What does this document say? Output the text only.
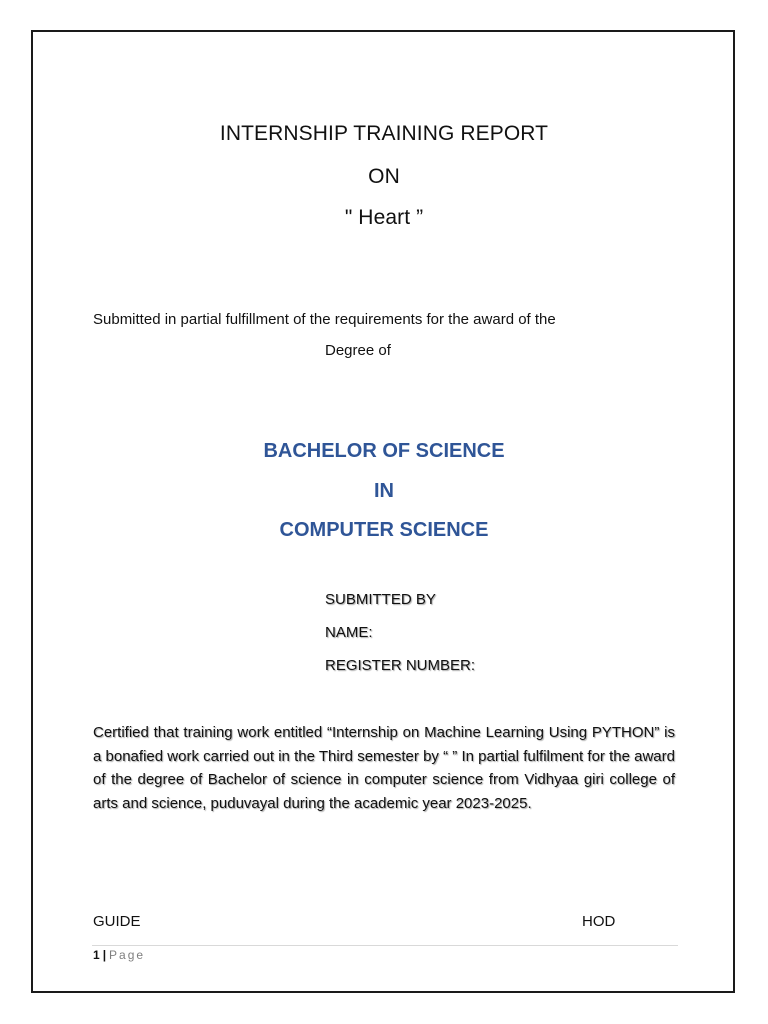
INTERNSHIP TRAINING REPORT
ON
" Heart ”
Submitted in partial fulfillment of the requirements for the award of the
Degree of
BACHELOR OF SCIENCE
IN
COMPUTER SCIENCE
SUBMITTED BY
NAME:
REGISTER NUMBER:
Certified that training work entitled “Internship on Machine Learning Using PYTHON” is a bonafied work carried out in the Third semester by “ ” In partial fulfilment for the award of the degree of Bachelor of science in computer science from Vidhyaa giri college of arts and science, puduvayal during the academic year 2023-2025.
GUIDE	HOD
1 | Page
